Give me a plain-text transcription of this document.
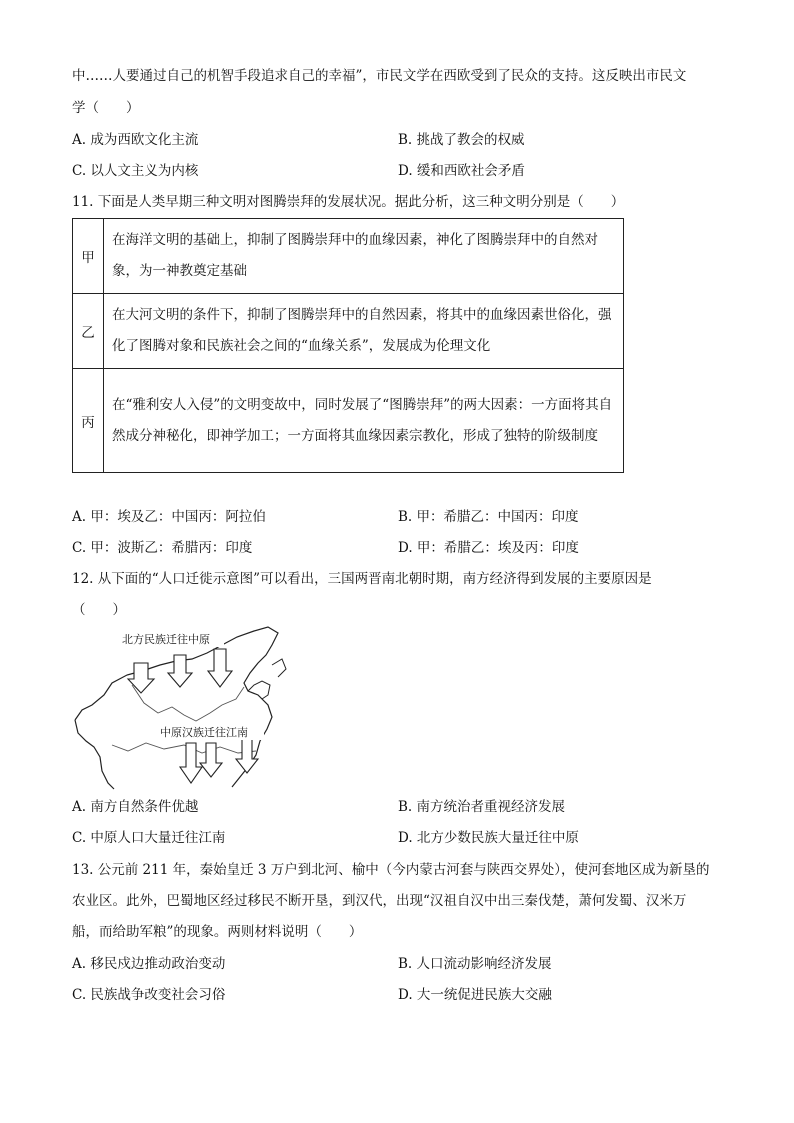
中……人要通过自己的机智手段追求自己的幸福”，市民文学在西欧受到了民众的支持。这反映出市民文
学（　　）
A. 成为西欧文化主流	B. 挑战了教会的权威
C. 以人文主义为内核	D. 缓和西欧社会矛盾
11. 下面是人类早期三种文明对图腾崇拜的发展状况。据此分析，这三种文明分别是（　　）
甲	在海洋文明的基础上，抑制了图腾崇拜中的血缘因素，神化了图腾崇拜中的自然对象，为一神教奠定基础
乙	在大河文明的条件下，抑制了图腾崇拜中的自然因素，将其中的血缘因素世俗化，强化了图腾对象和民族社会之间的“血缘关系”，发展成为伦理文化
丙	在“雅利安人入侵”的文明变故中，同时发展了“图腾崇拜”的两大因素：一方面将其自然成分神秘化，即神学加工；一方面将其血缘因素宗教化，形成了独特的阶级制度
A. 甲：埃及乙：中国丙：阿拉伯	B. 甲：希腊乙：中国丙：印度
C. 甲：波斯乙：希腊丙：印度	D. 甲：希腊乙：埃及丙：印度
12. 从下面的“人口迁徙示意图”可以看出，三国两晋南北朝时期，南方经济得到发展的主要原因是
（　　）
北方民族迁往中原
中原汉族迁往江南
A. 南方自然条件优越	B. 南方统治者重视经济发展
C. 中原人口大量迁往江南	D. 北方少数民族大量迁往中原
13. 公元前 211 年，秦始皇迁 3 万户到北河、榆中（今内蒙古河套与陕西交界处），使河套地区成为新垦的
农业区。此外，巴蜀地区经过移民不断开垦，到汉代，出现“汉祖自汉中出三秦伐楚，萧何发蜀、汉米万
船，而给助军粮”的现象。两则材料说明（　　）
A. 移民戍边推动政治变动	B. 人口流动影响经济发展
C. 民族战争改变社会习俗	D. 大一统促进民族大交融
